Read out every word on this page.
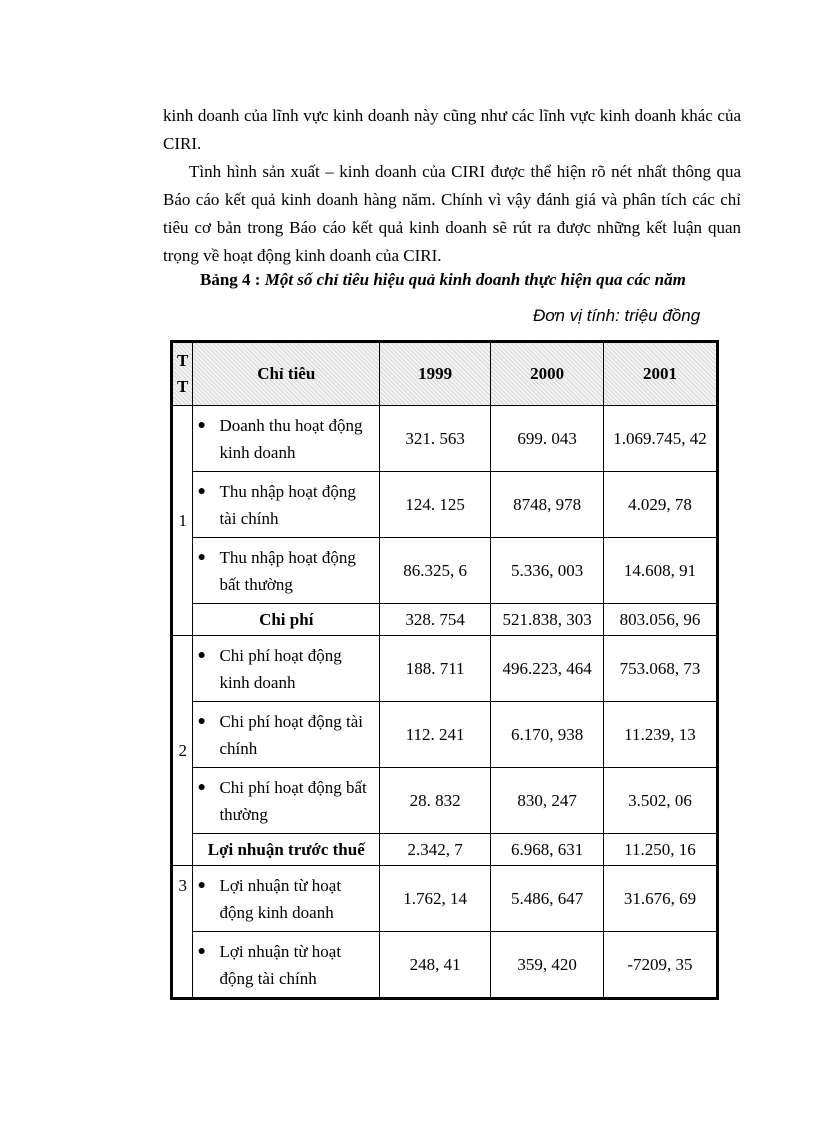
kinh doanh của lĩnh vực kinh doanh này cũng như các lĩnh vực kinh doanh khác của CIRI.

Tình hình sản xuất – kinh doanh của CIRI được thể hiện rõ nét nhất thông qua Báo cáo kết quả kinh doanh hàng năm. Chính vì vậy đánh giá và phân tích các chỉ tiêu cơ bản trong Báo cáo kết quả kinh doanh sẽ rút ra được những kết luận quan trọng về hoạt động kinh doanh của CIRI.

Bảng 4 : Một số chỉ tiêu hiệu quả kinh doanh thực hiện qua các năm
Đơn vị tính: triệu đồng
T
T	Chỉ tiêu	1999	2000	2001
1	● Doanh thu hoạt động kinh doanh	321. 563	699. 043	1.069.745, 42

	● Thu nhập hoạt động tài chính	124. 125	8748, 978	4.029, 78

	● Thu nhập hoạt động bất thường	86.325, 6	5.336, 003	14.608, 91
	Chi phí	328. 754	521.838, 303	803.056, 96
2	● Chi phí hoạt động kinh doanh	188. 711	496.223, 464	753.068, 73

	● Chi phí hoạt động tài chính	112. 241	6.170, 938	11.239, 13

	● Chi phí hoạt động bất thường	28. 832	830, 247	3.502, 06
	Lợi nhuận trước thuế	2.342, 7	6.968, 631	11.250, 16
3	● Lợi nhuận từ hoạt động kinh doanh	1.762, 14	5.486, 647	31.676, 69

	● Lợi nhuận từ hoạt động tài chính	248, 41	359, 420	-7209, 35
